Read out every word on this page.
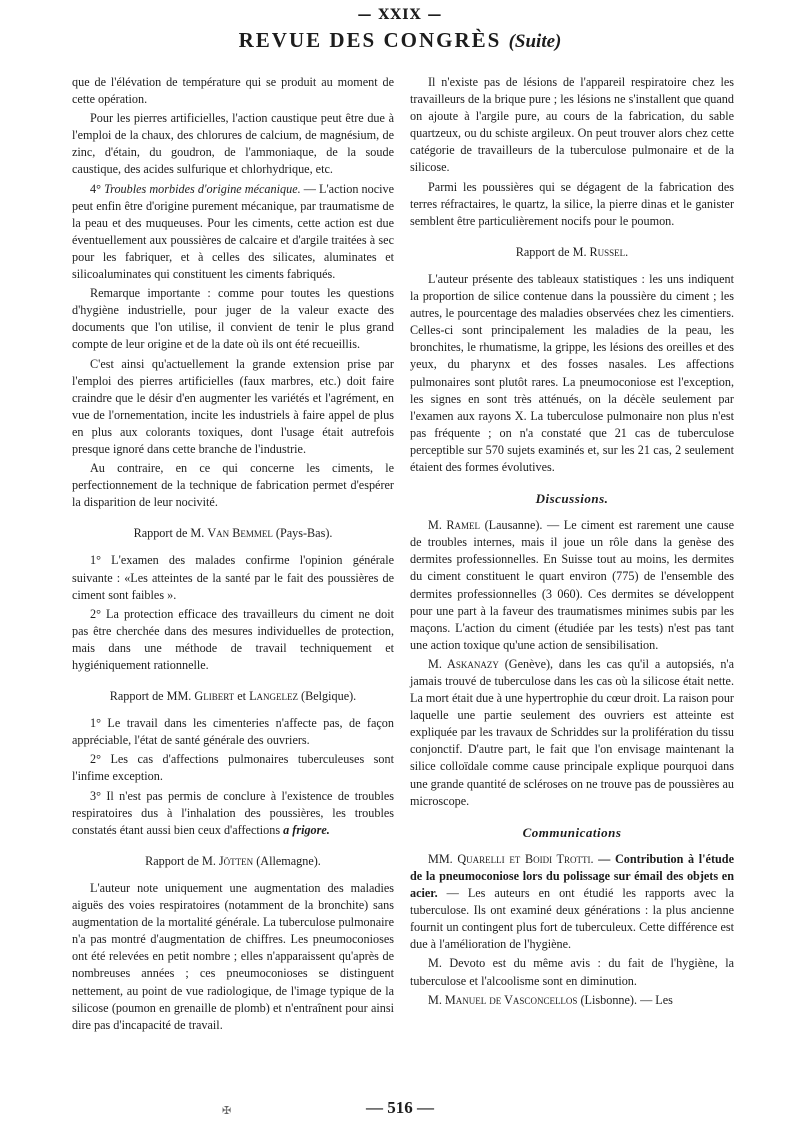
— XXIX —
REVUE DES CONGRÈS (Suite)

que de l'élévation de température qui se produit au moment de cette opération.

Pour les pierres artificielles, l'action caustique peut être due à l'emploi de la chaux, des chlorures de calcium, de magnésium, de zinc, d'étain, du goudron, de l'ammoniaque, de la soude caustique, des acides sulfurique et chlorhydrique, etc.

4° Troubles morbides d'origine mécanique. — L'action nocive peut enfin être d'origine purement mécanique, par traumatisme de la peau et des muqueuses. Pour les ciments, cette action est due éventuellement aux poussières de calcaire et d'argile traitées à sec pour les fabriquer, et à celles des silicates, aluminates et silicoaluminates qui constituent les ciments fabriqués.

Remarque importante : comme pour toutes les questions d'hygiène industrielle, pour juger de la valeur exacte des documents que l'on utilise, il convient de tenir le plus grand compte de leur origine et de la date où ils ont été recueillis.

C'est ainsi qu'actuellement la grande extension prise par l'emploi des pierres artificielles (faux marbres, etc.) doit faire craindre que le désir d'en augmenter les variétés et l'agrément, en vue de l'ornementation, incite les industriels à faire appel de plus en plus aux colorants toxiques, dont l'usage était autrefois presque ignoré dans cette branche de l'industrie.

Au contraire, en ce qui concerne les ciments, le perfectionnement de la technique de fabrication permet d'espérer la disparition de leur nocivité.

Rapport de M. Van Bemmel (Pays-Bas).

1° L'examen des malades confirme l'opinion générale suivante : «Les atteintes de la santé par le fait des poussières de ciment sont faibles ».

2° La protection efficace des travailleurs du ciment ne doit pas être cherchée dans des mesures individuelles de protection, mais dans une méthode de travail techniquement et hygiéniquement rationnelle.

Rapport de MM. Glibert et Langelez (Belgique).

1° Le travail dans les cimenteries n'affecte pas, de façon appréciable, l'état de santé générale des ouvriers.

2° Les cas d'affections pulmonaires tuberculeuses sont l'infime exception.

3° Il n'est pas permis de conclure à l'existence de troubles respiratoires dus à l'inhalation des poussières, les troubles constatés étant aussi bien ceux d'affections a frigore.

Rapport de M. Jötten (Allemagne).

L'auteur note uniquement une augmentation des maladies aiguës des voies respiratoires (notamment de la bronchite) sans augmentation de la mortalité générale. La tuberculose pulmonaire n'a pas montré d'augmentation de chiffres. Les pneumoconioses ont été relevées en petit nombre ; elles n'apparaissent qu'après de nombreuses années ; ces pneumoconioses se distinguent nettement, au point de vue radiologique, de l'image typique de la silicose (poumon en grenaille de plomb) et n'entraînent pour ainsi dire pas d'incapacité de travail.

Il n'existe pas de lésions de l'appareil respiratoire chez les travailleurs de la brique pure ; les lésions ne s'installent que quand on ajoute à l'argile pure, au cours de la fabrication, du sable quartzeux, ou du schiste argileux. On peut trouver alors chez cette catégorie de travailleurs de la tuberculose pulmonaire et de la silicose.

Parmi les poussières qui se dégagent de la fabrication des terres réfractaires, le quartz, la silice, la pierre dinas et le ganister semblent être particulièrement nocifs pour le poumon.

Rapport de M. Russel.

L'auteur présente des tableaux statistiques : les uns indiquent la proportion de silice contenue dans la poussière du ciment ; les autres, le pourcentage des maladies observées chez les cimentiers. Celles-ci sont principalement les maladies de la peau, les bronchites, le rhumatisme, la grippe, les lésions des oreilles et des yeux, du pharynx et des fosses nasales. Les affections pulmonaires sont plutôt rares. La pneumoconiose est l'exception, les signes en sont très atténués, on la décèle seulement par l'examen aux rayons X. La tuberculose pulmonaire non plus n'est pas fréquente ; on n'a constaté que 21 cas de tuberculose perceptible sur 570 sujets examinés et, sur les 21 cas, 2 seulement étaient des formes évolutives.

Discussions.

M. Ramel (Lausanne). — Le ciment est rarement une cause de troubles internes, mais il joue un rôle dans la genèse des dermites professionnelles. En Suisse tout au moins, les dermites du ciment constituent le quart environ (775) de l'ensemble des dermites professionnelles (3 060). Ces dermites se développent pour une part à la faveur des traumatismes minimes subis par les maçons. L'action du ciment (étudiée par les tests) n'est pas tant une action toxique qu'une action de sensibilisation.

M. Askanazy (Genève), dans les cas qu'il a autopsiés, n'a jamais trouvé de tuberculose dans les cas où la silicose était nette. La mort était due à une hypertrophie du cœur droit. La raison pour laquelle une partie seulement des ouvriers est atteinte est expliquée par les travaux de Schriddes sur la prolifération du tissu conjonctif. D'autre part, le fait que l'on envisage maintenant la silice colloïdale comme cause principale explique pourquoi dans une grande quantité de scléroses on ne trouve pas de poussières au microscope.

Communications

MM. Quarelli et Boidi Trotti. — Contribution à l'étude de la pneumoconiose lors du polissage sur émail des objets en acier. — Les auteurs en ont étudié les rapports avec la tuberculose. Ils ont examiné deux générations : la plus ancienne fournit un contingent plus fort de tuberculeux. Cette différence est due à l'amélioration de l'hygiène.

M. Devoto est du même avis : du fait de l'hygiène, la tuberculose et l'alcoolisme sont en diminution.

M. Manuel de Vasconcellos (Lisbonne). — Les

✠	— 516 —
